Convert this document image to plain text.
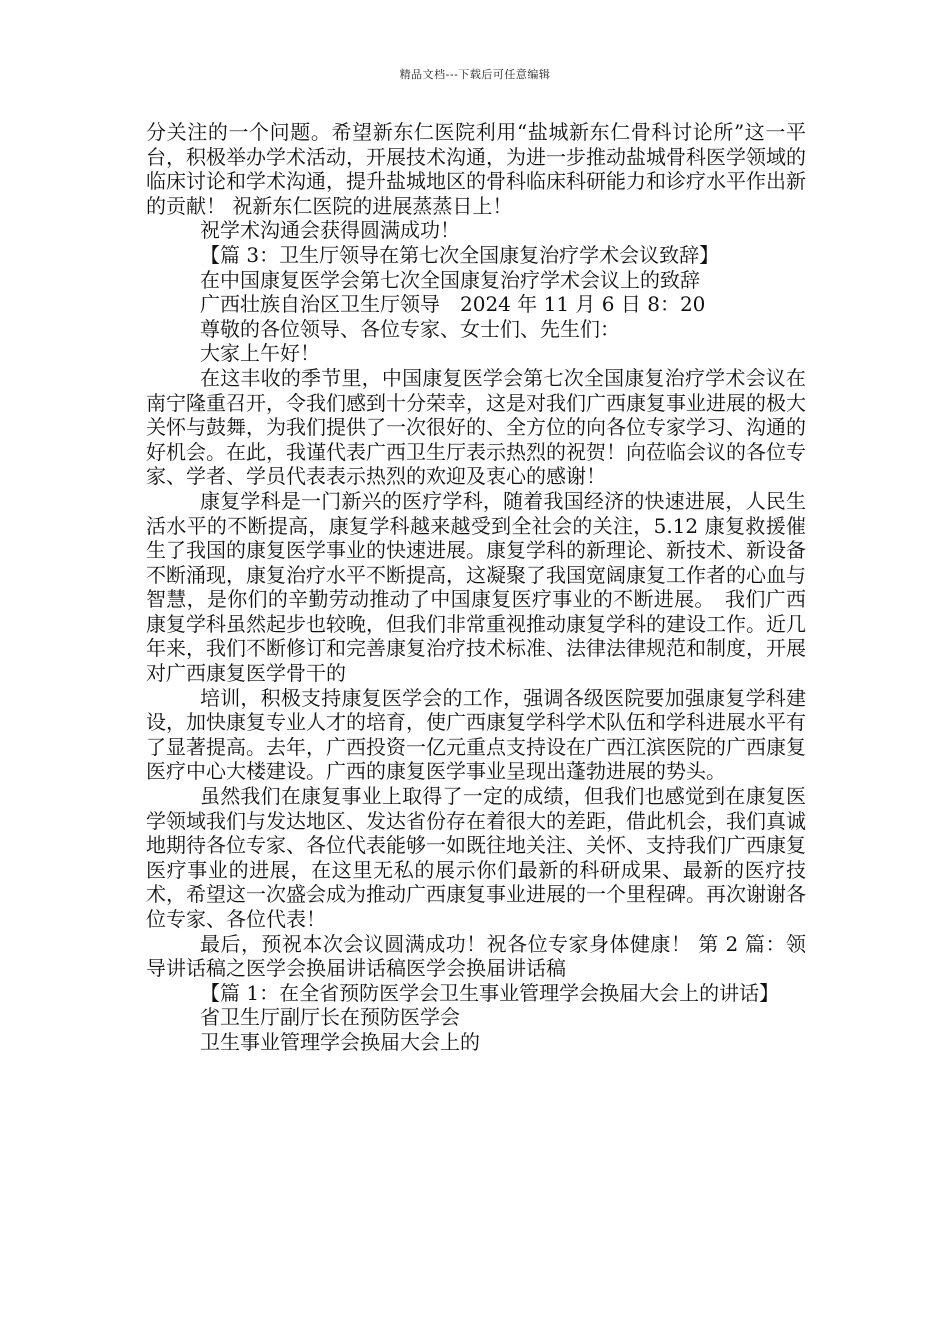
精品文档---下载后可任意编辑

分关注的一个问题。希望新东仁医院利用“盐城新东仁骨科讨论所”这一平台，积极举办学术活动，开展技术沟通，为进一步推动盐城骨科医学领域的临床讨论和学术沟通，提升盐城地区的骨科临床科研能力和诊疗水平作出新的贡献！ 祝新东仁医院的进展蒸蒸日上！

祝学术沟通会获得圆满成功！

【篇 3：卫生厅领导在第七次全国康复治疗学术会议致辞】

在中国康复医学会第七次全国康复治疗学术会议上的致辞

广西壮族自治区卫生厅领导　2024 年 11 月 6 日 8：20

尊敬的各位领导、各位专家、女士们、先生们：

大家上午好！

在这丰收的季节里，中国康复医学会第七次全国康复治疗学术会议在南宁隆重召开，令我们感到十分荣幸，这是对我们广西康复事业进展的极大关怀与鼓舞，为我们提供了一次很好的、全方位的向各位专家学习、沟通的好机会。在此，我谨代表广西卫生厅表示热烈的祝贺！向莅临会议的各位专家、学者、学员代表表示热烈的欢迎及衷心的感谢！

康复学科是一门新兴的医疗学科，随着我国经济的快速进展，人民生活水平的不断提高，康复学科越来越受到全社会的关注，5.12 康复救援催生了我国的康复医学事业的快速进展。康复学科的新理论、新技术、新设备不断涌现，康复治疗水平不断提高，这凝聚了我国宽阔康复工作者的心血与智慧，是你们的辛勤劳动推动了中国康复医疗事业的不断进展。　我们广西康复学科虽然起步也较晚，但我们非常重视推动康复学科的建设工作。近几年来，我们不断修订和完善康复治疗技术标准、法律法律规范和制度，开展对广西康复医学骨干的

培训，积极支持康复医学会的工作，强调各级医院要加强康复学科建设，加快康复专业人才的培育，使广西康复学科学术队伍和学科进展水平有了显著提高。去年，广西投资一亿元重点支持设在广西江滨医院的广西康复医疗中心大楼建设。广西的康复医学事业呈现出蓬勃进展的势头。

虽然我们在康复事业上取得了一定的成绩，但我们也感觉到在康复医学领域我们与发达地区、发达省份存在着很大的差距，借此机会，我们真诚地期待各位专家、各位代表能够一如既往地关注、关怀、支持我们广西康复医疗事业的进展，在这里无私的展示你们最新的科研成果、最新的医疗技术，希望这一次盛会成为推动广西康复事业进展的一个里程碑。再次谢谢各位专家、各位代表！

最后，预祝本次会议圆满成功！祝各位专家身体健康！ 第 2 篇：领导讲话稿之医学会换届讲话稿医学会换届讲话稿

【篇 1：在全省预防医学会卫生事业管理学会换届大会上的讲话】

省卫生厅副厅长在预防医学会

卫生事业管理学会换届大会上的
